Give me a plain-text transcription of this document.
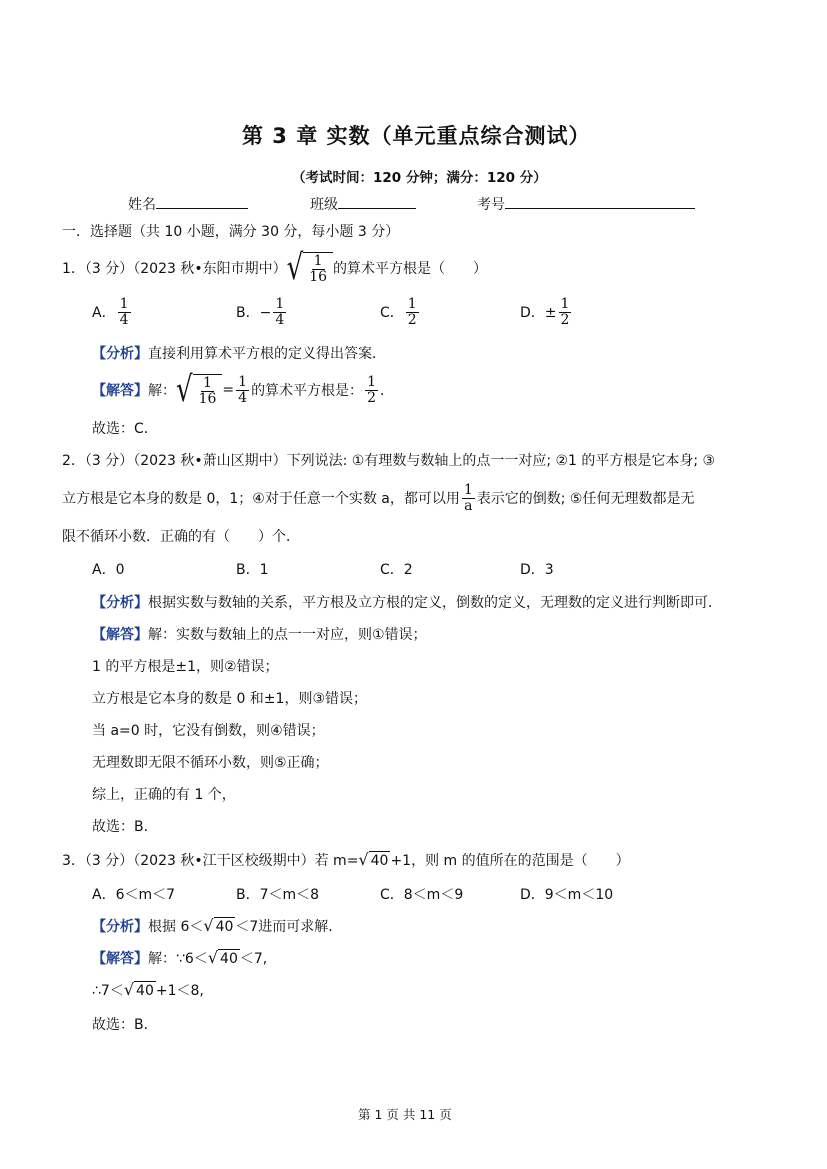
第 3 章 实数（单元重点综合测试）
（考试时间：120 分钟；满分：120 分）
姓名	班级	考号
一．选择题（共 10 小题，满分 30 分，每小题 3 分）
1．（3 分）（2023 秋•东阳市期中） √ $\frac{1}{16}$ 的算术平方根是（　　）
A． $\frac{1}{4}$	B．− $\frac{1}{4}$	C． $\frac{1}{2}$	D．± $\frac{1}{2}$
【分析】直接利用算术平方根的定义得出答案．
【解答】 解： √ $\frac{1}{16} = \frac{1}{4}$ 的算术平方根是： $\frac{1}{2}$ ．
故选：C．
2．（3 分）（2023 秋•萧山区期中）下列说法: ①有理数与数轴上的点一一对应; ②1 的平方根是它本身; ③
立方根是它本身的数是 0，1；④对于任意一个实数 a，都可以用 $\frac{1}{a}$ 表示它的倒数; ⑤任何无理数都是无
限不循环小数．正确的有（　　）个．
A．0	B．1	C．2	D．3
【分析】根据实数与数轴的关系，平方根及立方根的定义，倒数的定义，无理数的定义进行判断即可．
【解答】解：实数与数轴上的点一一对应，则①错误；
1 的平方根是±1，则②错误；
立方根是它本身的数是 0 和±1，则③错误；
当 a=0 时，它没有倒数，则④错误；
无理数即无限不循环小数，则⑤正确；
综上，正确的有 1 个，
故选：B．
3．（3 分）（2023 秋•江干区校级期中）若 m= √ 40 +1，则 m 的值所在的范围是（　　）
A．6＜m＜7	B．7＜m＜8	C．8＜m＜9	D．9＜m＜10
【分析】 根据 6＜ √ 40 ＜7进而可求解．
【解答】 解：∵6＜ √ 40 ＜7,
∴7＜ √ 40 +1＜8,
故选：B．
第 1 页 共 11 页
